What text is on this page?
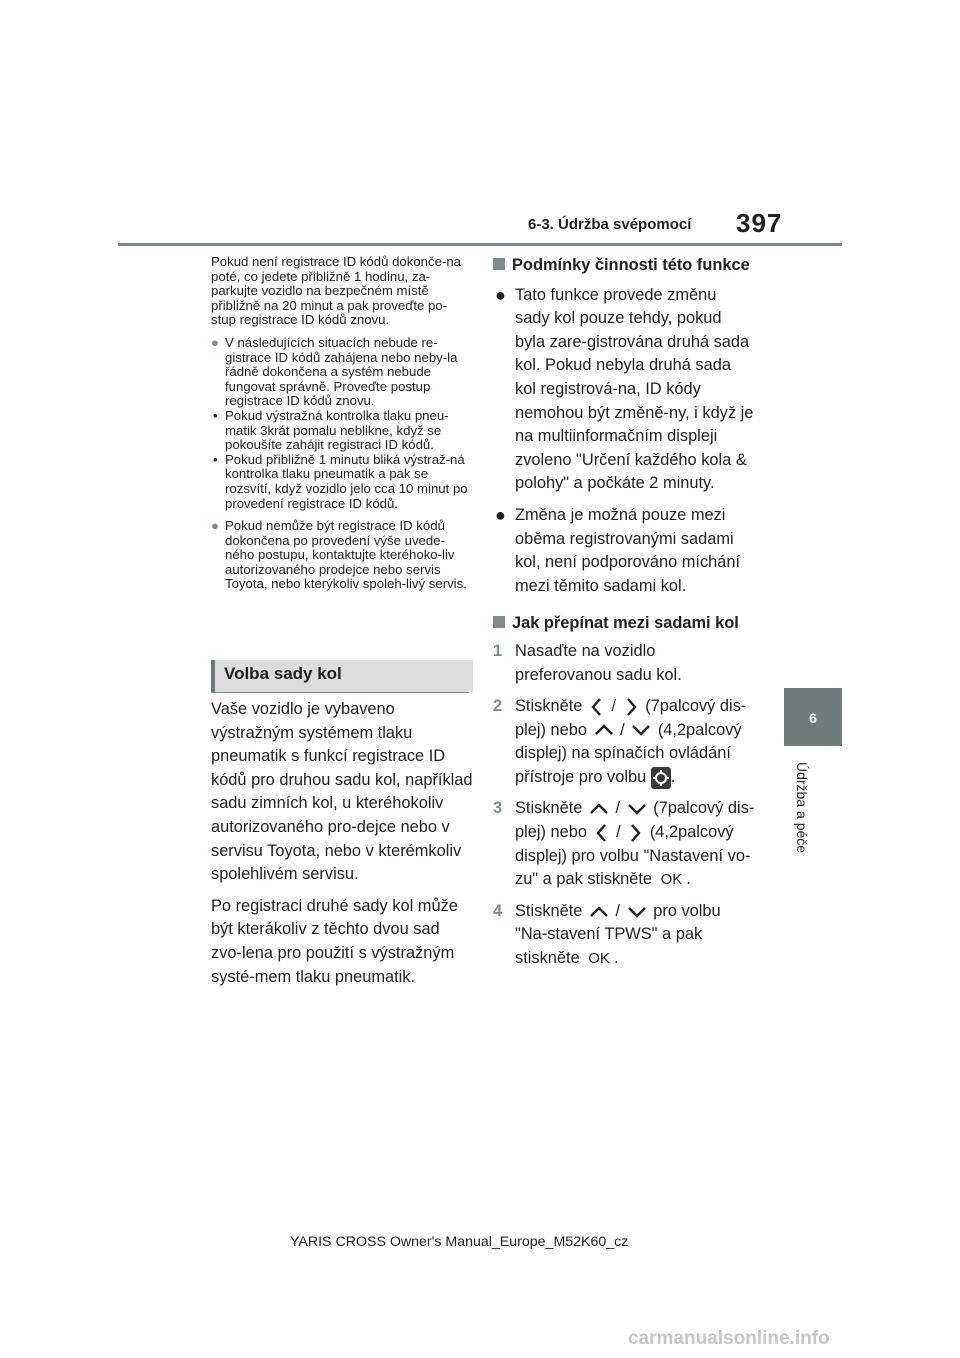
6-3. Údržba svépomocí 397
6
Údržba a péče

Pokud není registrace ID kódů dokonče-na poté, co jedete přibližně 1 hodinu, za-parkujte vozidlo na bezpečném místě přibližně na 20 minut a pak proveďte po-stup registrace ID kódů znovu.

● V následujících situacích nebude re-gistrace ID kódů zahájena nebo neby-la řádně dokončena a systém nebude fungovat správně. Proveďte postup registrace ID kódů znovu.
• Pokud výstražná kontrolka tlaku pneu-matik 3krát pomalu neblikne, když se pokoušíte zahájit registraci ID kódů.
• Pokud přibližně 1 minutu bliká výstraž-ná kontrolka tlaku pneumatik a pak se rozsvítí, když vozidlo jelo cca 10 minut po provedení registrace ID kódů.
● Pokud nemůže být registrace ID kódů dokončena po provedení výše uvede-ného postupu, kontaktujte kteréhoko-liv autorizovaného prodejce nebo servis Toyota, nebo kterýkoliv spoleh-livý servis.
Volba sady kol

Vaše vozidlo je vybaveno výstražným systémem tlaku pneumatik s funkcí registrace ID kódů pro druhou sadu kol, například sadu zimních kol, u kteréhokoliv autorizovaného pro-dejce nebo v servisu Toyota, nebo v kterémkoliv spolehlivém servisu.

Po registraci druhé sady kol může být kterákoliv z těchto dvou sad zvo-lena pro použití s výstražným systé-mem tlaku pneumatik.

Podmínky činnosti této funkce
● Tato funkce provede změnu sady kol pouze tehdy, pokud byla zare-gistrována druhá sada kol. Pokud nebyla druhá sada kol registrová-na, ID kódy nemohou být změně-ny, i když je na multiinformačním displeji zvoleno "Určení každého kola & polohy" a počkáte 2 minuty.
● Změna je možná pouze mezi oběma registrovanými sadami kol, není podporováno míchání mezi těmito sadami kol.
Jak přepínat mezi sadami kol
1 Nasaďte na vozidlo preferovanou sadu kol.
2 Stiskněte / (7palcový dis-plej) nebo / (4,2palcový displej) na spínačích ovládání přístroje pro volbu .
3 Stiskněte / (7palcový dis-plej) nebo / (4,2palcový displej) pro volbu "Nastavení vo-zu" a pak stiskněte OK .
4 Stiskněte / pro volbu "Na-stavení TPWS" a pak stiskněte OK .
YARIS CROSS Owner's Manual_Europe_M52K60_cz
carmanualsonline.info
